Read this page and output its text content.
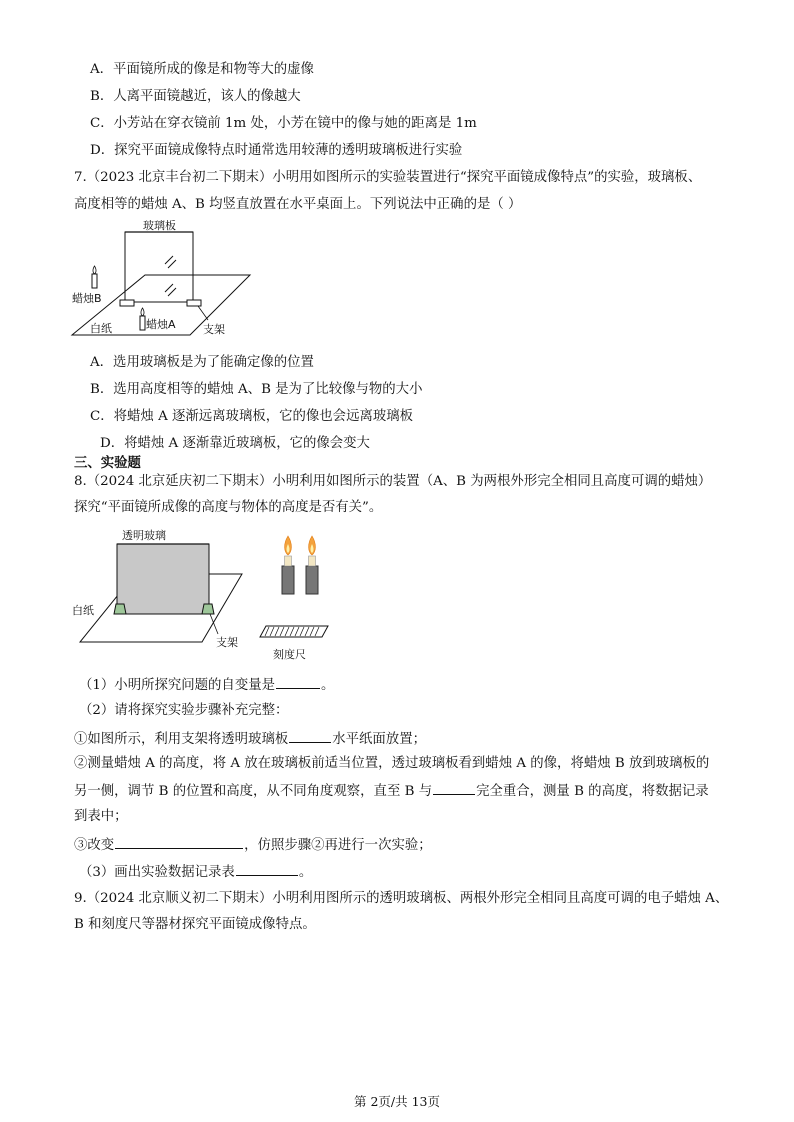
A．平面镜所成的像是和物等大的虚像
B．人离平面镜越近，该人的像越大
C．小芳站在穿衣镜前 1m 处，小芳在镜中的像与她的距离是 1m
D．探究平面镜成像特点时通常选用较薄的透明玻璃板进行实验
7.（2023 北京丰台初二下期末）小明用如图所示的实验装置进行“探究平面镜成像特点”的实验，玻璃板、
高度相等的蜡烛 A、B 均竖直放置在水平桌面上。下列说法中正确的是（ ）
玻璃板
蜡烛B
白纸	蜡烛A 支架
A．选用玻璃板是为了能确定像的位置
B．选用高度相等的蜡烛 A、B 是为了比较像与物的大小
C．将蜡烛 A 逐渐远离玻璃板，它的像也会远离玻璃板
D．将蜡烛 A 逐渐靠近玻璃板，它的像会变大
三、实验题
8.（2024 北京延庆初二下期末）小明利用如图所示的装置（A、B 为两根外形完全相同且高度可调的蜡烛）
探究“平面镜所成像的高度与物体的高度是否有关”。
透明玻璃
白纸
支架
刻度尺
（1）小明所探究问题的自变量是	。
（2）请将探究实验步骤补充完整：
①如图所示，利用支架将透明玻璃板	水平纸面放置；
②测量蜡烛 A 的高度，将 A 放在玻璃板前适当位置，透过玻璃板看到蜡烛 A 的像，将蜡烛 B 放到玻璃板的
另一侧，调节 B 的位置和高度，从不同角度观察，直至 B 与	完全重合，测量 B 的高度，将数据记录
到表中；
③改变	，仿照步骤②再进行一次实验；
（3）画出实验数据记录表	。
9.（2024 北京顺义初二下期末）小明利用图所示的透明玻璃板、两根外形完全相同且高度可调的电子蜡烛 A、
B 和刻度尺等器材探究平面镜成像特点。
第 2页/共 13页
